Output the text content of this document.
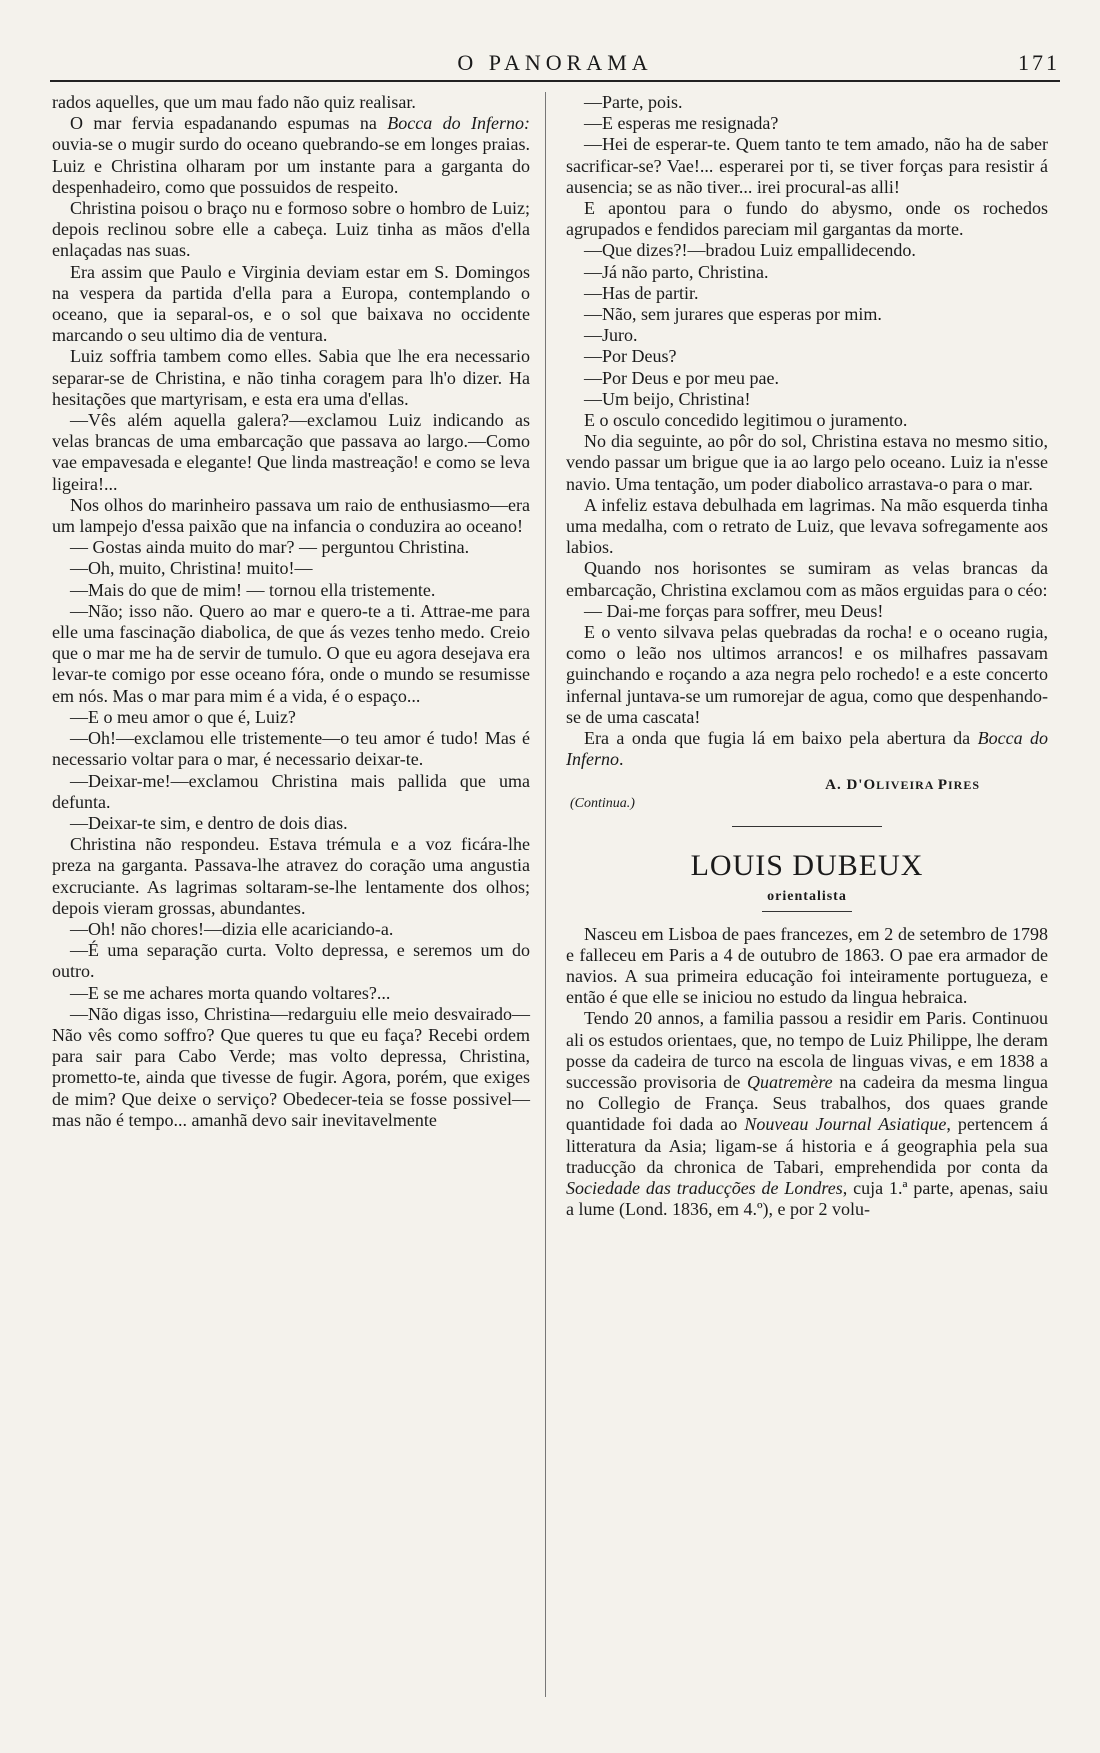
O PANORAMA	171

rados aquelles, que um mau fado não quiz realisar.

O mar fervia espadanando espumas na Bocca do Inferno: ouvia-se o mugir surdo do oceano quebrando-se em longes praias. Luiz e Christina olharam por um instante para a garganta do despenhadeiro, como que possuidos de respeito.

Christina poisou o braço nu e formoso sobre o hombro de Luiz; depois reclinou sobre elle a cabeça. Luiz tinha as mãos d'ella enlaçadas nas suas.

Era assim que Paulo e Virginia deviam estar em S. Domingos na vespera da partida d'ella para a Europa, contemplando o oceano, que ia separal-os, e o sol que baixava no occidente marcando o seu ultimo dia de ventura.

Luiz soffria tambem como elles. Sabia que lhe era necessario separar-se de Christina, e não tinha coragem para lh'o dizer. Ha hesitações que martyrisam, e esta era uma d'ellas.

—Vês além aquella galera?—exclamou Luiz indicando as velas brancas de uma embarcação que passava ao largo.—Como vae empavesada e elegante! Que linda mastreação! e como se leva ligeira!...

Nos olhos do marinheiro passava um raio de enthusiasmo—era um lampejo d'essa paixão que na infancia o conduzira ao oceano!

— Gostas ainda muito do mar? — perguntou Christina.

—Oh, muito, Christina! muito!—

—Mais do que de mim! — tornou ella tristemente.

—Não; isso não. Quero ao mar e quero-te a ti. Attrae-me para elle uma fascinação diabolica, de que ás vezes tenho medo. Creio que o mar me ha de servir de tumulo. O que eu agora desejava era levar-te comigo por esse oceano fóra, onde o mundo se resumisse em nós. Mas o mar para mim é a vida, é o espaço...

—E o meu amor o que é, Luiz?

—Oh!—exclamou elle tristemente—o teu amor é tudo! Mas é necessario voltar para o mar, é necessario deixar-te.

—Deixar-me!—exclamou Christina mais pallida que uma defunta.

—Deixar-te sim, e dentro de dois dias.

Christina não respondeu. Estava trémula e a voz ficára-lhe preza na garganta. Passava-lhe atravez do coração uma angustia excruciante. As lagrimas soltaram-se-lhe lentamente dos olhos; depois vieram grossas, abundantes.

—Oh! não chores!—dizia elle acariciando-a.

—É uma separação curta. Volto depressa, e seremos um do outro.

—E se me achares morta quando voltares?...

—Não digas isso, Christina—redarguiu elle meio desvairado—Não vês como soffro? Que queres tu que eu faça? Recebi ordem para sair para Cabo Verde; mas volto depressa, Christina, prometto-te, ainda que tivesse de fugir. Agora, porém, que exiges de mim? Que deixe o serviço? Obedecer-teia se fosse possivel—mas não é tempo... amanhã devo sair inevitavelmente

—Parte, pois.

—E esperas me resignada?

—Hei de esperar-te. Quem tanto te tem amado, não ha de saber sacrificar-se? Vae!... esperarei por ti, se tiver forças para resistir á ausencia; se as não tiver... irei procural-as alli!

E apontou para o fundo do abysmo, onde os rochedos agrupados e fendidos pareciam mil gargantas da morte.

—Que dizes?!—bradou Luiz empallidecendo.

—Já não parto, Christina.

—Has de partir.

—Não, sem jurares que esperas por mim.

—Juro.

—Por Deus?

—Por Deus e por meu pae.

—Um beijo, Christina!

E o osculo concedido legitimou o juramento.

No dia seguinte, ao pôr do sol, Christina estava no mesmo sitio, vendo passar um brigue que ia ao largo pelo oceano. Luiz ia n'esse navio. Uma tentação, um poder diabolico arrastava-o para o mar.

A infeliz estava debulhada em lagrimas. Na mão esquerda tinha uma medalha, com o retrato de Luiz, que levava sofregamente aos labios.

Quando nos horisontes se sumiram as velas brancas da embarcação, Christina exclamou com as mãos erguidas para o céo:

— Dai-me forças para soffrer, meu Deus!

E o vento silvava pelas quebradas da rocha! e o oceano rugia, como o leão nos ultimos arrancos! e os milhafres passavam guinchando e roçando a aza negra pelo rochedo! e a este concerto infernal juntava-se um rumorejar de agua, como que despenhando-se de uma cascata!

Era a onda que fugia lá em baixo pela abertura da Bocca do Inferno.

A. D'OLIVEIRA PIRES
(Continua.)
LOUIS DUBEUX
orientalista

Nasceu em Lisboa de paes francezes, em 2 de setembro de 1798 e falleceu em Paris a 4 de outubro de 1863. O pae era armador de navios. A sua primeira educação foi inteiramente portugueza, e então é que elle se iniciou no estudo da lingua hebraica.

Tendo 20 annos, a familia passou a residir em Paris. Continuou ali os estudos orientaes, que, no tempo de Luiz Philippe, lhe deram posse da cadeira de turco na escola de linguas vivas, e em 1838 a successão provisoria de Quatremère na cadeira da mesma lingua no Collegio de França. Seus trabalhos, dos quaes grande quantidade foi dada ao Nouveau Journal Asiatique, pertencem á litteratura da Asia; ligam-se á historia e á geographia pela sua traducção da chronica de Tabari, emprehendida por conta da Sociedade das traducções de Londres, cuja 1.ª parte, apenas, saiu a lume (Lond. 1836, em 4.º), e por 2 volu-
